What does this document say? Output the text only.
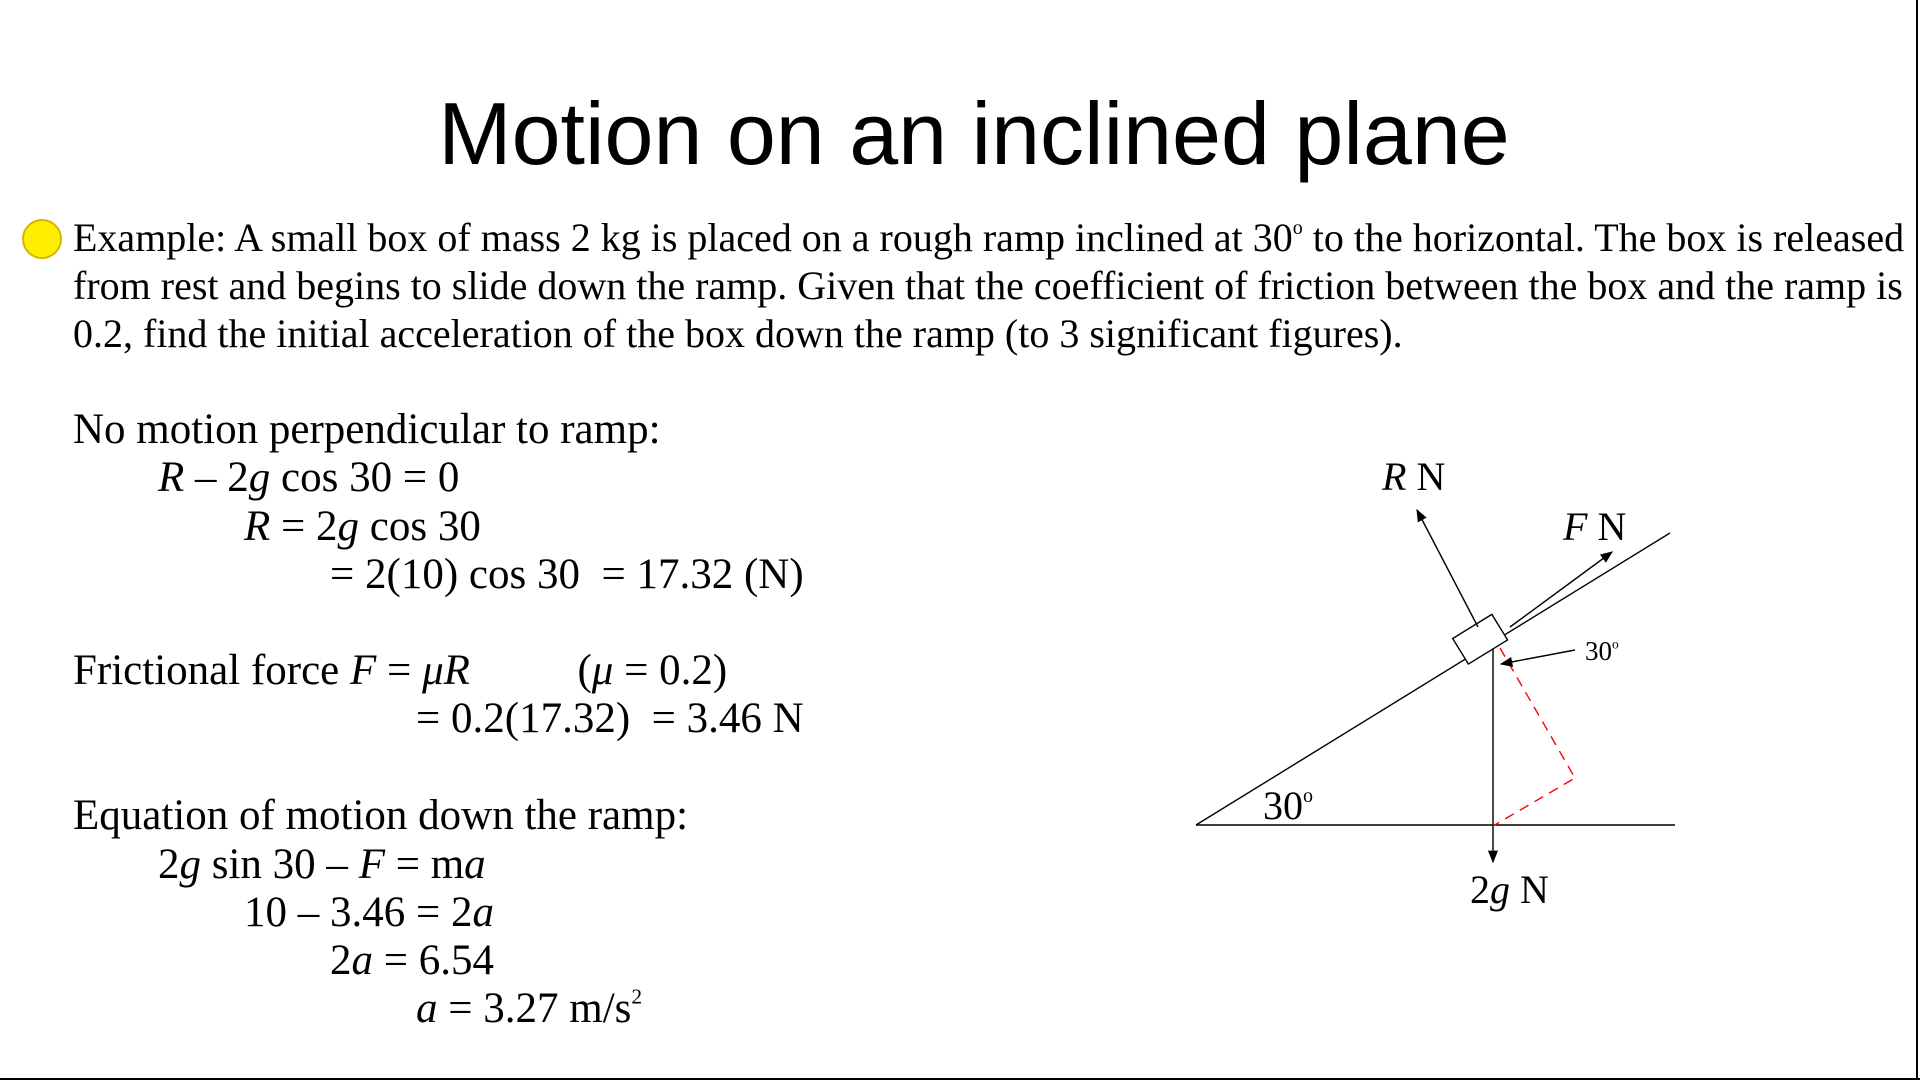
Motion on an inclined plane
Example: A small box of mass 2 kg is placed on a rough ramp inclined at 30$^o$ to the horizontal. The box is released from rest and begins to slide down the ramp. Given that the coefficient of friction between the box and the ramp is 0.2, find the initial acceleration of the box down the ramp (to 3 significant figures).
No motion perpendicular to ramp:
R – 2g cos 30 = 0
R = 2g cos 30
= 2(10) cos 30  = 17.32 (N)
Frictional force F = μR          (μ = 0.2)
= 0.2(17.32)  = 3.46 N
Equation of motion down the ramp:
2g sin 30 – F = ma
10 – 3.46 = 2a
2a = 6.54
a = 3.27 $m/s^2$
R N
F N
2g N
30$^o$
30$^o$
